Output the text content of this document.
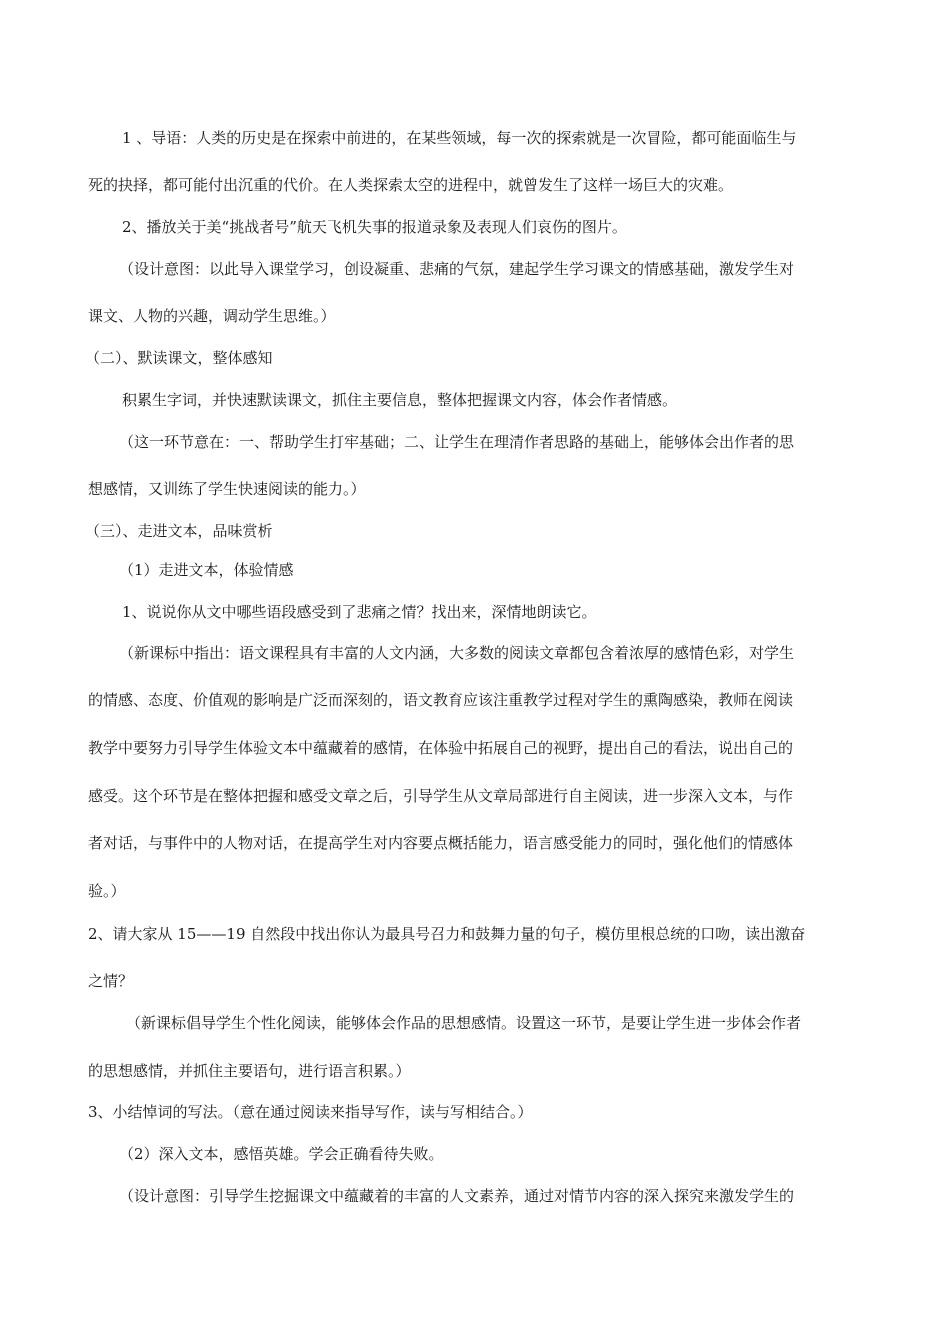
1 、导语：人类的历史是在探索中前进的，在某些领域，每一次的探索就是一次冒险，都可能面临生与

死的抉择，都可能付出沉重的代价。在人类探索太空的进程中，就曾发生了这样一场巨大的灾难。

2、播放关于美“挑战者号”航天飞机失事的报道录象及表现人们哀伤的图片。

（设计意图：以此导入课堂学习，创设凝重、悲痛的气氛，建起学生学习课文的情感基础，激发学生对

课文、人物的兴趣，调动学生思维。）

（二）、默读课文，整体感知

积累生字词，并快速默读课文，抓住主要信息，整体把握课文内容，体会作者情感。

（这一环节意在：一、帮助学生打牢基础；二、让学生在理清作者思路的基础上，能够体会出作者的思

想感情，又训练了学生快速阅读的能力。）

（三）、走进文本，品味赏析

（1）走进文本，体验情感

1、说说你从文中哪些语段感受到了悲痛之情？找出来，深情地朗读它。

（新课标中指出：语文课程具有丰富的人文内涵，大多数的阅读文章都包含着浓厚的感情色彩，对学生

的情感、态度、价值观的影响是广泛而深刻的，语文教育应该注重教学过程对学生的熏陶感染，教师在阅读

教学中要努力引导学生体验文本中蕴藏着的感情，在体验中拓展自己的视野，提出自己的看法，说出自己的

感受。这个环节是在整体把握和感受文章之后，引导学生从文章局部进行自主阅读，进一步深入文本，与作

者对话，与事件中的人物对话，在提高学生对内容要点概括能力，语言感受能力的同时，强化他们的情感体

验。）

2、请大家从 15——19 自然段中找出你认为最具号召力和鼓舞力量的句子，模仿里根总统的口吻，读出激奋

之情？

（新课标倡导学生个性化阅读，能够体会作品的思想感情。设置这一环节，是要让学生进一步体会作者

的思想感情，并抓住主要语句，进行语言积累。）

3、小结悼词的写法。（意在通过阅读来指导写作，读与写相结合。）

（2）深入文本，感悟英雄。学会正确看待失败。

（设计意图：引导学生挖掘课文中蕴藏着的丰富的人文素养，通过对情节内容的深入探究来激发学生的
